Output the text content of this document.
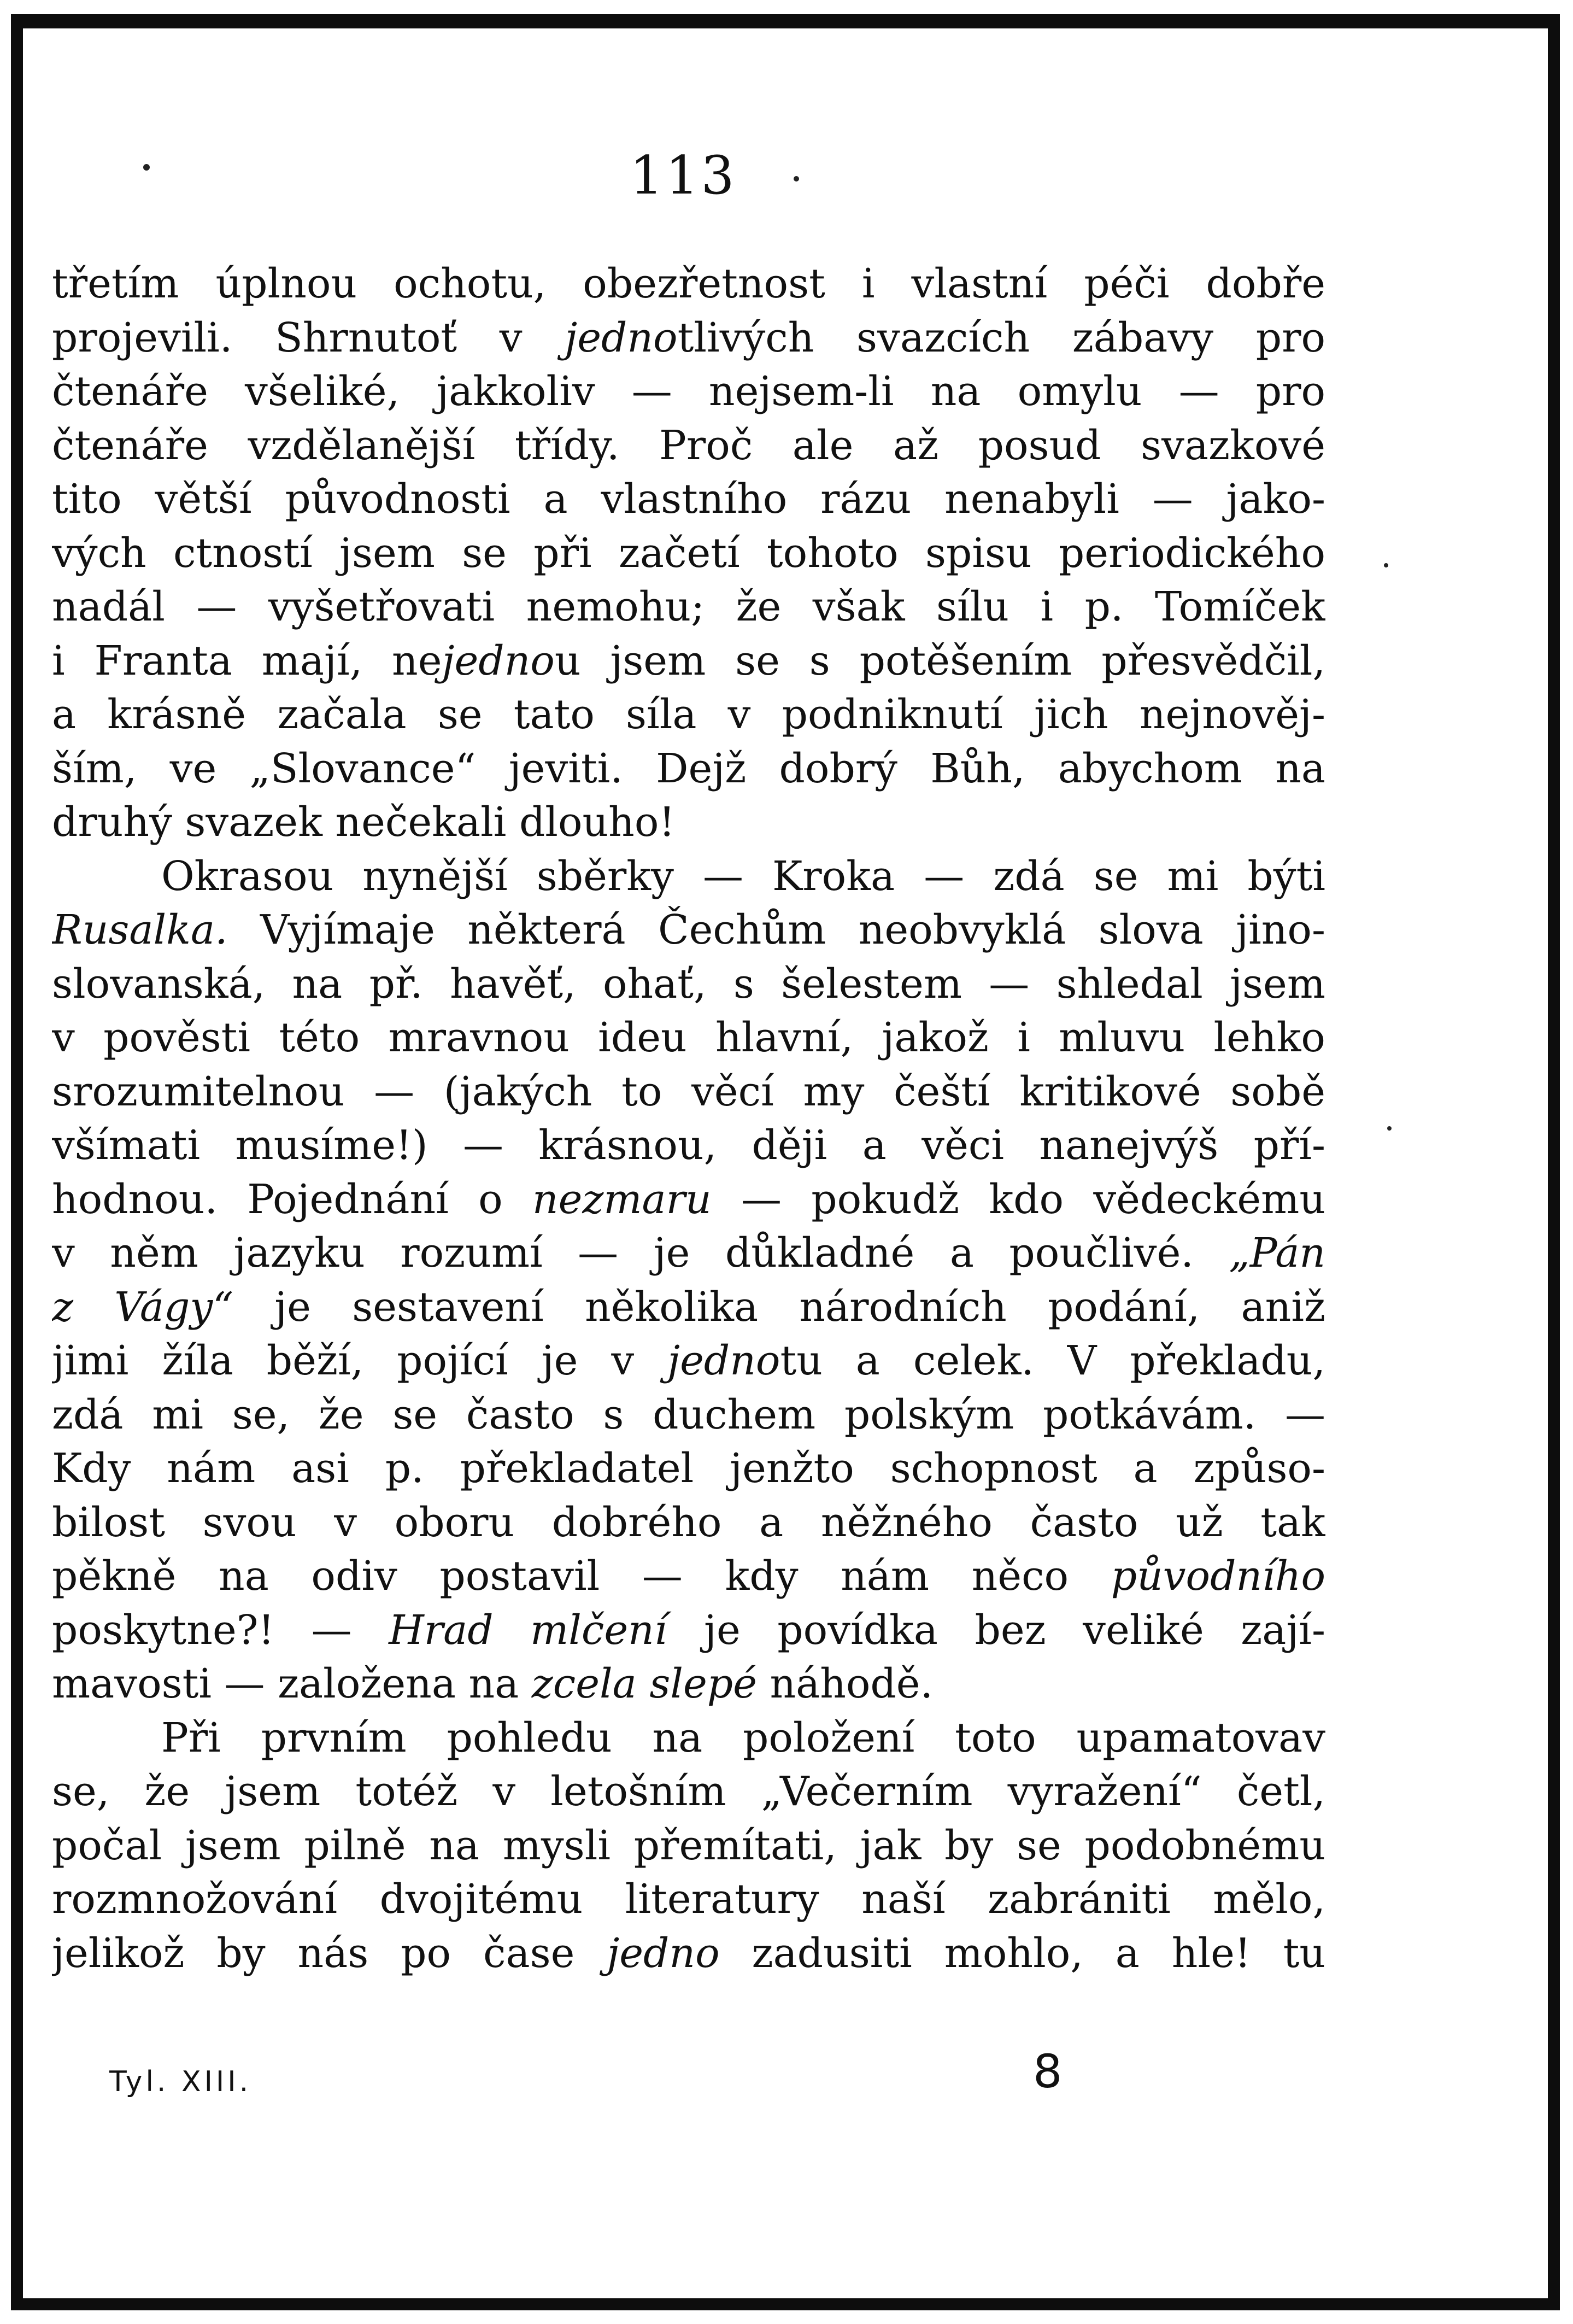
113
třetím úplnou ochotu, obezřetnost i vlastní péči dobře
projevili. Shrnutoť v jednotlivých svazcích zábavy pro
čtenáře všeliké, jakkoliv — nejsem-li na omylu — pro
čtenáře vzdělanější třídy. Proč ale až posud svazkové
tito větší původnosti a vlastního rázu nenabyli — jako-
vých ctností jsem se při začetí tohoto spisu periodického
nadál — vyšetřovati nemohu; že však sílu i p. Tomíček
i Franta mají, nejednou jsem se s potěšením přesvědčil,
a krásně začala se tato síla v podniknutí jich nejnověj-
ším, ve „Slovance“ jeviti. Dejž dobrý Bůh, abychom na
druhý svazek nečekali dlouho!
Okrasou nynější sběrky — Kroka — zdá se mi býti
Rusalka. Vyjímaje některá Čechům neobvyklá slova jino-
slovanská, na př. havěť, ohať, s šelestem — shledal jsem
v pověsti této mravnou ideu hlavní, jakož i mluvu lehko
srozumitelnou — (jakých to věcí my čeští kritikové sobě
všímati musíme!) — krásnou, ději a věci nanejvýš pří-
hodnou. Pojednání o nezmaru — pokudž kdo vědeckému
v něm jazyku rozumí — je důkladné a poučlivé. „Pán
z Vágy“ je sestavení několika národních podání, aniž
jimi žíla běží, pojící je v jednotu a celek. V překladu,
zdá mi se, že se často s duchem polským potkávám. —
Kdy nám asi p. překladatel jenžto schopnost a způso-
bilost svou v oboru dobrého a něžného často už tak
pěkně na odiv postavil — kdy nám něco původního
poskytne?! — Hrad mlčení je povídka bez veliké zají-
mavosti — založena na zcela slepé náhodě.
Při prvním pohledu na položení toto upamatovav
se, že jsem totéž v letošním „Večerním vyražení“ četl,
počal jsem pilně na mysli přemítati, jak by se podobnému
rozmnožování dvojitému literatury naší zabrániti mělo,
jelikož by nás po čase jedno zadusiti mohlo, a hle! tu
Tyl. XIII.	8
